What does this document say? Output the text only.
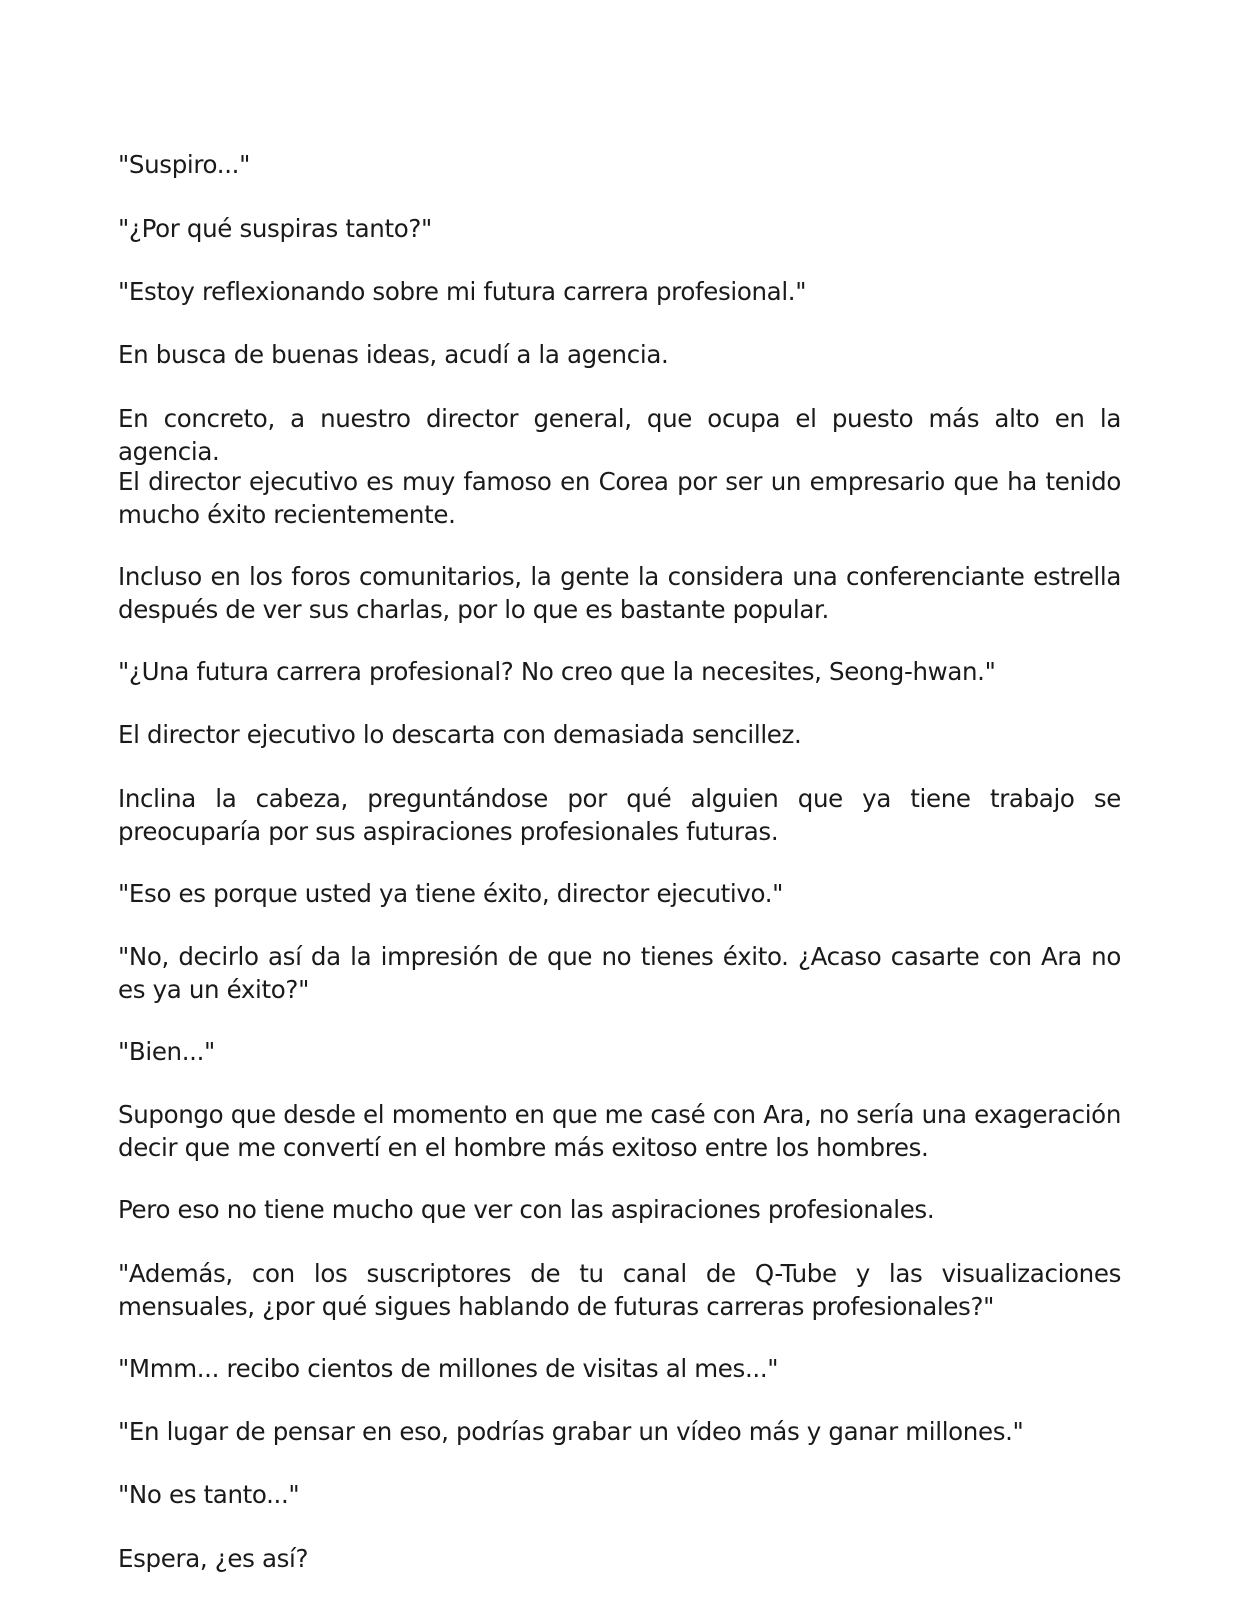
"Suspiro..."

"¿Por qué suspiras tanto?"

"Estoy reflexionando sobre mi futura carrera profesional."

En busca de buenas ideas, acudí a la agencia.

En concreto, a nuestro director general, que ocupa el puesto más alto en la agencia.

El director ejecutivo es muy famoso en Corea por ser un empresario que ha tenido mucho éxito recientemente.

Incluso en los foros comunitarios, la gente la considera una conferenciante estrella después de ver sus charlas, por lo que es bastante popular.

"¿Una futura carrera profesional? No creo que la necesites, Seong-hwan."

El director ejecutivo lo descarta con demasiada sencillez.

Inclina la cabeza, preguntándose por qué alguien que ya tiene trabajo se preocuparía por sus aspiraciones profesionales futuras.

"Eso es porque usted ya tiene éxito, director ejecutivo."

"No, decirlo así da la impresión de que no tienes éxito. ¿Acaso casarte con Ara no es ya un éxito?"

"Bien..."

Supongo que desde el momento en que me casé con Ara, no sería una exageración decir que me convertí en el hombre más exitoso entre los hombres.

Pero eso no tiene mucho que ver con las aspiraciones profesionales.

"Además, con los suscriptores de tu canal de Q-Tube y las visualizaciones mensuales, ¿por qué sigues hablando de futuras carreras profesionales?"

"Mmm... recibo cientos de millones de visitas al mes..."

"En lugar de pensar en eso, podrías grabar un vídeo más y ganar millones."

"No es tanto..."

Espera, ¿es así?
